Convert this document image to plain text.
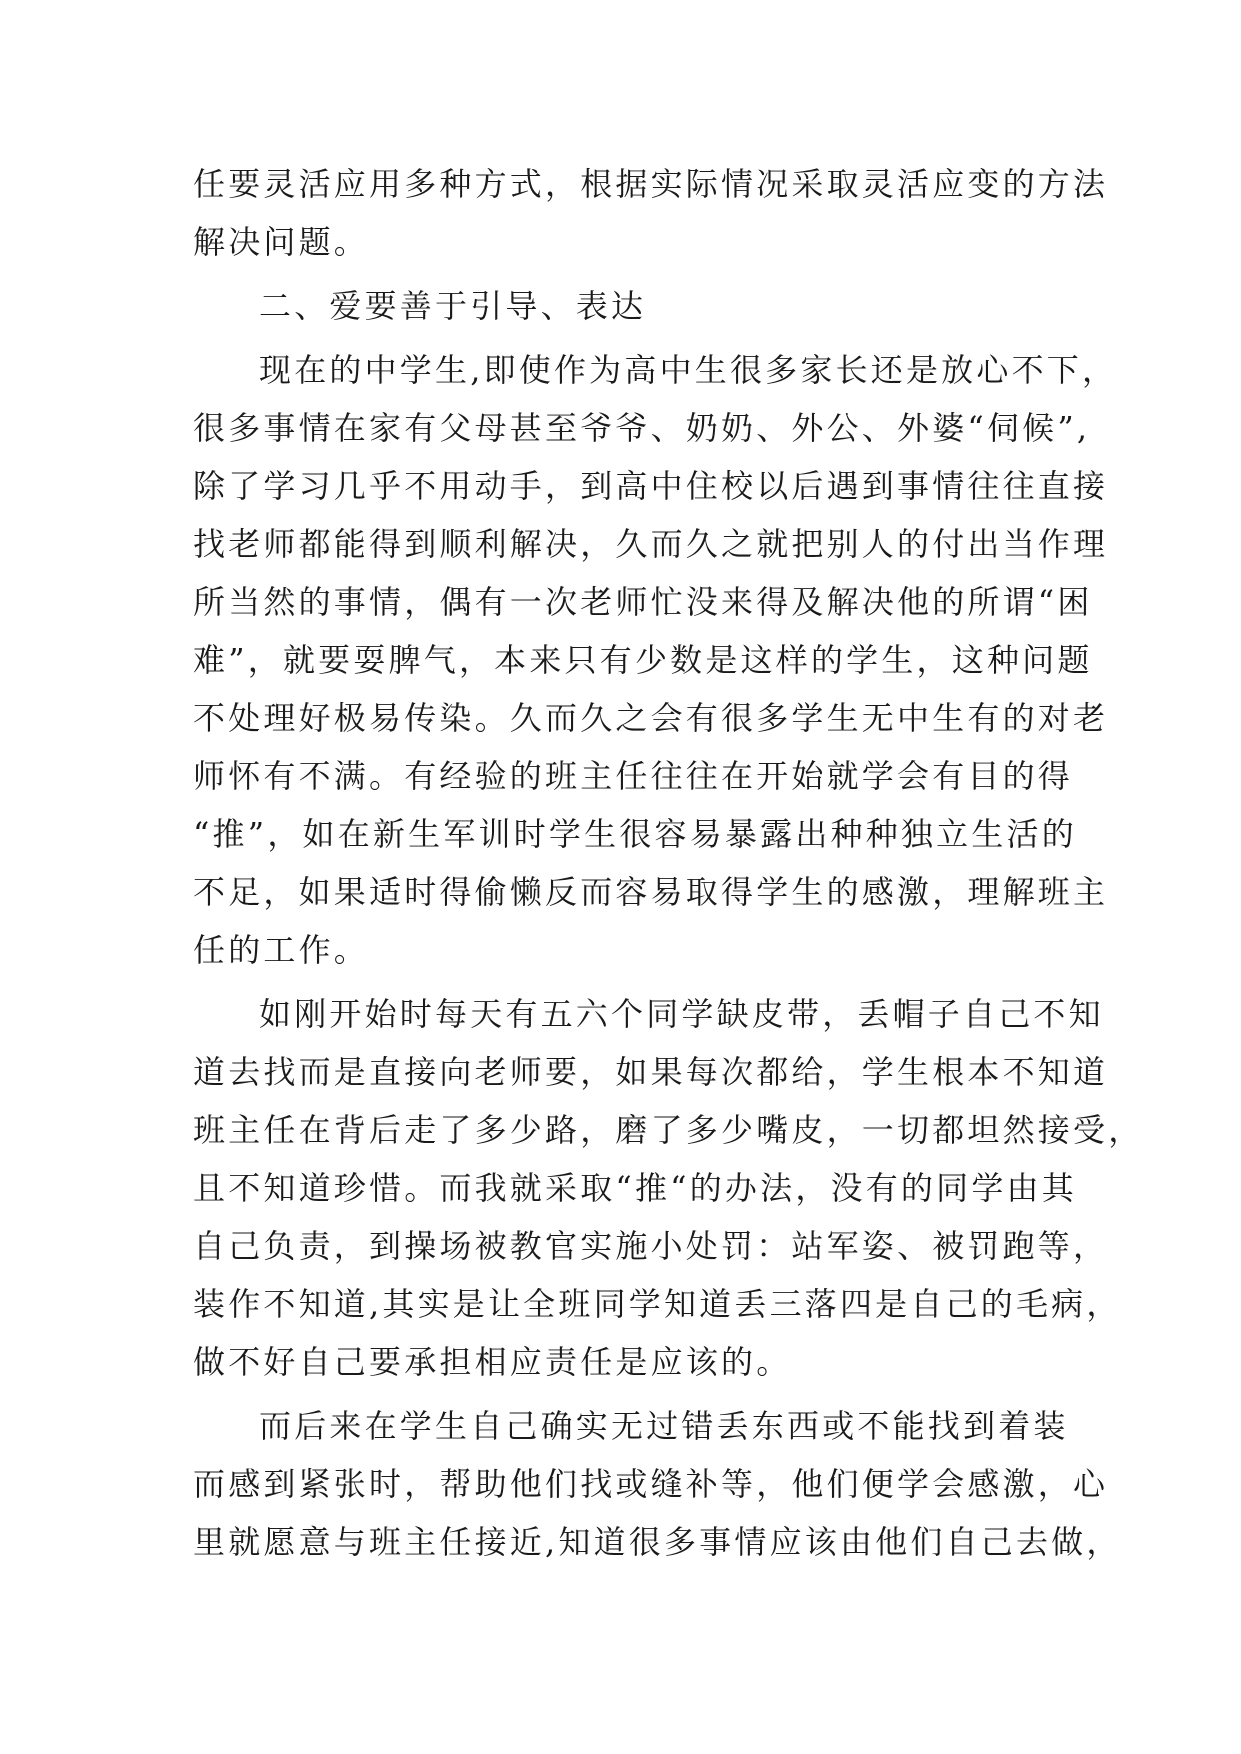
任要灵活应用多种方式，根据实际情况采取灵活应变的方法
解决问题。
二、爱要善于引导、表达
现在的中学生,即使作为高中生很多家长还是放心不下，
很多事情在家有父母甚至爷爷、奶奶、外公、外婆“伺候”,
除了学习几乎不用动手，到高中住校以后遇到事情往往直接
找老师都能得到顺利解决，久而久之就把别人的付出当作理
所当然的事情，偶有一次老师忙没来得及解决他的所谓“困
难”，就要耍脾气，本来只有少数是这样的学生，这种问题
不处理好极易传染。久而久之会有很多学生无中生有的对老
师怀有不满。有经验的班主任往往在开始就学会有目的得
“推”，如在新生军训时学生很容易暴露出种种独立生活的
不足，如果适时得偷懒反而容易取得学生的感激，理解班主
任的工作。
如刚开始时每天有五六个同学缺皮带，丢帽子自己不知
道去找而是直接向老师要，如果每次都给，学生根本不知道
班主任在背后走了多少路，磨了多少嘴皮，一切都坦然接受，
且不知道珍惜。而我就采取“推“的办法，没有的同学由其
自己负责，到操场被教官实施小处罚：站军姿、被罚跑等，
装作不知道,其实是让全班同学知道丢三落四是自己的毛病，
做不好自己要承担相应责任是应该的。
而后来在学生自己确实无过错丢东西或不能找到着装
而感到紧张时，帮助他们找或缝补等，他们便学会感激，心
里就愿意与班主任接近,知道很多事情应该由他们自己去做，
